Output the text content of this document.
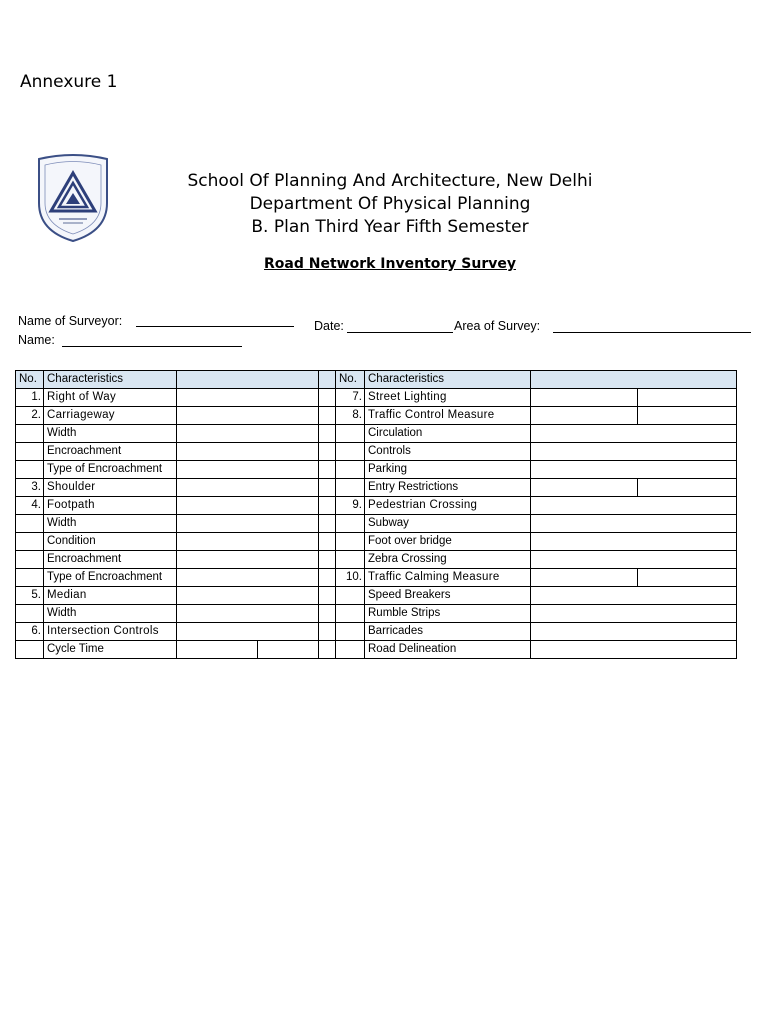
Annexure 1
School Of Planning And Architecture, New Delhi
Department Of Physical Planning
B. Plan Third Year Fifth Semester
Road Network Inventory Survey
Name of Surveyor:	Date:	Area of Survey:
Name:
No.	Characteristics				No.	Characteristics		
1.	Right of Way				7.	Street Lighting		
2.	Carriageway				8.	Traffic Control Measure		
	Width					Circulation		
	Encroachment					Controls		
	Type of Encroachment					Parking		
3.	Shoulder					Entry Restrictions		
4.	Footpath				9.	Pedestrian Crossing		
	Width					Subway		
	Condition					Foot over bridge		
	Encroachment					Zebra Crossing		
	Type of Encroachment				10.	Traffic Calming Measure		
5.	Median					Speed Breakers		
	Width					Rumble Strips		
6.	Intersection Controls					Barricades		
	Cycle Time					Road Delineation		
